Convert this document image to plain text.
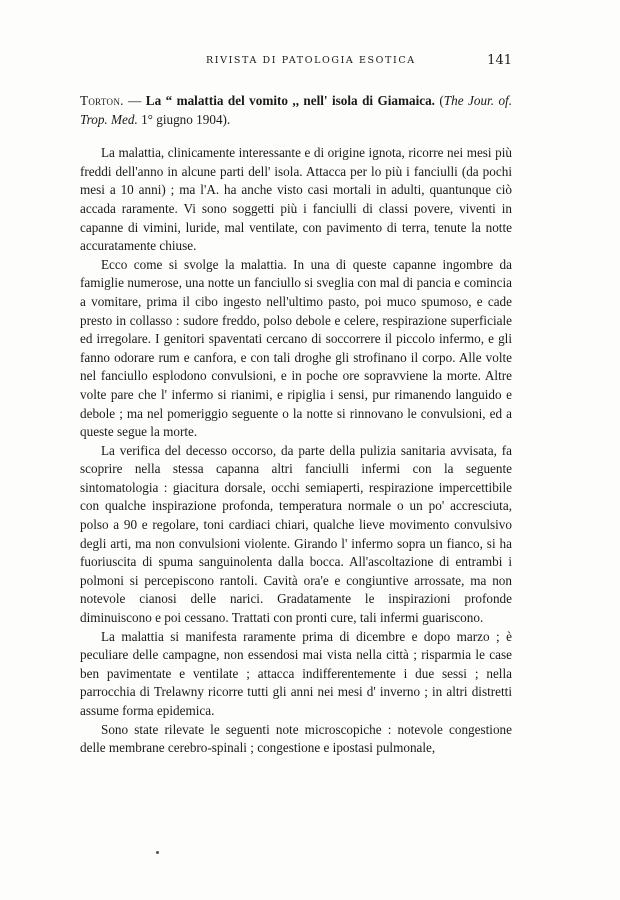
RIVISTA DI PATOLOGIA ESOTICA	141

Torton. — La “ malattia del vomito ,, nell' isola di Giamaica. (The Jour. of. Trop. Med. 1° giugno 1904).

La malattia, clinicamente interessante e di origine ignota, ricorre nei mesi più freddi dell'anno in alcune parti dell' isola. Attacca per lo più i fanciulli (da pochi mesi a 10 anni) ; ma l'A. ha anche visto casi mortali in adulti, quantunque ciò accada raramente. Vi sono soggetti più i fanciulli di classi povere, viventi in capanne di vimini, luride, mal ventilate, con pavimento di terra, tenute la notte accuratamente chiuse.

Ecco come si svolge la malattia. In una di queste capanne ingombre da famiglie numerose, una notte un fanciullo si sveglia con mal di pancia e comincia a vomitare, prima il cibo ingesto nell'ultimo pasto, poi muco spumoso, e cade presto in collasso : sudore freddo, polso debole e celere, respirazione superficiale ed irregolare. I genitori spaventati cercano di soccorrere il piccolo infermo, e gli fanno odorare rum e canfora, e con tali droghe gli strofinano il corpo. Alle volte nel fanciullo esplodono convulsioni, e in poche ore sopravviene la morte. Altre volte pare che l' infermo si rianimi, e ripiglia i sensi, pur rimanendo languido e debole ; ma nel pomeriggio seguente o la notte si rinnovano le convulsioni, ed a queste segue la morte.

La verifica del decesso occorso, da parte della pulizia sanitaria avvisata, fa scoprire nella stessa capanna altri fanciulli infermi con la seguente sintomatologia : giacitura dorsale, occhi semiaperti, respirazione impercettibile con qualche inspirazione profonda, temperatura normale o un po' accresciuta, polso a 90 e regolare, toni cardiaci chiari, qualche lieve movimento convulsivo degli arti, ma non convulsioni violente. Girando l' infermo sopra un fianco, si ha fuoriuscita di spuma sanguinolenta dalla bocca. All'ascoltazione di entrambi i polmoni si percepiscono rantoli. Cavità ora'e e congiuntive arrossate, ma non notevole cianosi delle narici. Gradatamente le inspirazioni profonde diminuiscono e poi cessano. Trattati con pronti cure, tali infermi guariscono.

La malattia si manifesta raramente prima di dicembre e dopo marzo ; è peculiare delle campagne, non essendosi mai vista nella città ; risparmia le case ben pavimentate e ventilate ; attacca indifferentemente i due sessi ; nella parrocchia di Trelawny ricorre tutti gli anni nei mesi d' inverno ; in altri distretti assume forma epidemica.

Sono state rilevate le seguenti note microscopiche : notevole congestione delle membrane cerebro-spinali ; congestione e ipostasi pulmonale,
